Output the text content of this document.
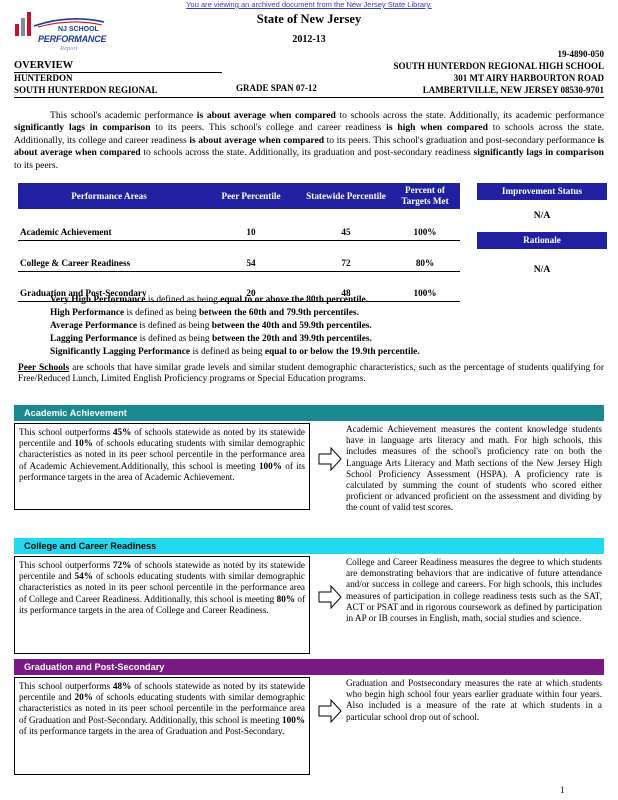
You are viewing an archived document from the New Jersey State Library.
NJ SCHOOL
PERFORMANCE
Report
State of New Jersey
2012-13
19-4890-050
OVERVIEW	SOUTH HUNTERDON REGIONAL HIGH SCHOOL
HUNTERDON	301 MT AIRY HARBOURTON ROAD
SOUTH HUNTERDON REGIONAL	GRADE SPAN 07-12	LAMBERTVILLE, NEW JERSEY 08530-9701
This school's academic performance is about average when compared to schools across the state. Additionally, its academic performance significantly lags in comparison to its peers. This school's college and career readiness is high when compared to schools across the state. Additionally, its college and career readiness is about average when compared to its peers. This school's graduation and post-secondary performance is about average when compared to schools across the state. Additionally, its graduation and post-secondary readiness significantly lags in comparison to its peers.
Performance Areas	Peer Percentile	Statewide Percentile	Percent of Targets Met
Academic Achievement	10	45	100%
College & Career Readiness	54	72	80%
Graduation and Post-Secondary	20	48	100%
Improvement Status
N/A
Rationale
N/A
Very High Performance is defined as being equal to or above the 80th percentile.
High Performance is defined as being between the 60th and 79.9th percentiles.
Average Performance is defined as being between the 40th and 59.9th percentiles.
Lagging Performance is defined as being between the 20th and 39.9th percentiles.
Significantly Lagging Performance is defined as being equal to or below the 19.9th percentile.
Peer Schools are schools that have similar grade levels and similar student demographic characteristics, such as the percentage of students qualifying for Free/Reduced Lunch, Limited English Proficiency programs or Special Education programs.
Academic Achievement
This school outperforms 45% of schools statewide as noted by its statewide percentile and 10% of schools educating students with similar demographic characteristics as noted in its peer school percentile in the performance area of Academic Achievement.Additionally, this school is meeting 100% of its performance targets in the area of Academic Achievement.
Academic Achievement measures the content knowledge students have in language arts literacy and math. For high schools, this includes measures of the school's proficiency rate on both the Language Arts Literacy and Math sections of the New Jersey High School Proficiency Assessment (HSPA). A proficiency rate is calculated by summing the count of students who scored either proficient or advanced proficient on the assessment and dividing by the count of valid test scores.
College and Career Readiness
This school outperforms 72% of schools statewide as noted by its statewide percentile and 54% of schools educating students with similar demographic characteristics as noted in its peer school percentile in the performance area of College and Career Readiness. Additionally, this school is meeting 80% of its performance targets in the area of College and Career Readiness.
College and Career Readiness measures the degree to which students are demonstrating behaviors that are indicative of future attendance and/or success in college and careers. For high schools, this includes measures of participation in college readiness tests such as the SAT, ACT or PSAT and in rigorous coursework as defined by participation in AP or IB courses in English, math, social studies and science.
Graduation and Post-Secondary
This school outperforms 48% of schools statewide as noted by its statewide percentile and 20% of schools educating students with similar demographic characteristics as noted in its peer school percentile in the performance area of Graduation and Post-Secondary. Additionally, this school is meeting 100% of its performance targets in the area of Graduation and Post-Secondary.
Graduation and Postsecondary measures the rate at which students who begin high school four years earlier graduate within four years. Also included is a measure of the rate at which students in a particular school drop out of school.
1
